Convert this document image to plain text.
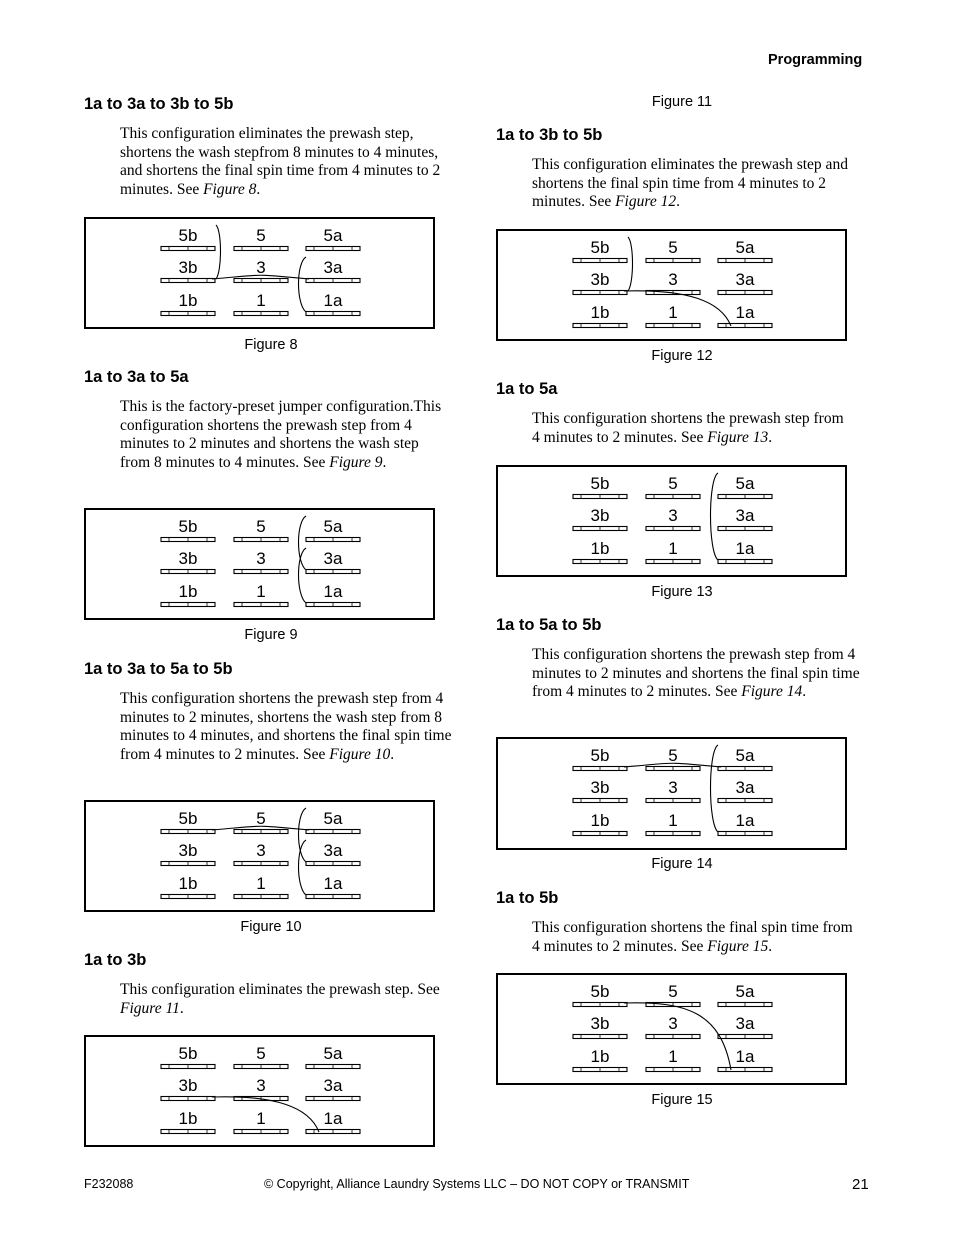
Programming
1a to 3a to 3b to 5b

This configuration eliminates the prewash step, shortens the wash stepfrom 8 minutes to 4 minutes, and shortens the final spin time from 4 minutes to 2 minutes. See Figure 8.

1a to 3a to 5a

This is the factory-preset jumper configuration.This configuration shortens the prewash step from 4 minutes to 2 minutes and shortens the wash step from 8 minutes to 4 minutes. See Figure 9.

1a to 3a to 5a to 5b

This configuration shortens the prewash step from 4 minutes to 2 minutes, shortens the wash step from 8 minutes to 4 minutes, and shortens the final spin time from 4 minutes to 2 minutes. See Figure 10.

1a to 3b

This configuration eliminates the prewash step. See Figure 11.

1a to 3b to 5b

This configuration eliminates the prewash step and shortens the final spin time from 4 minutes to 2 minutes. See Figure 12.

1a to 5a

This configuration shortens the prewash step from 4 minutes to 2 minutes. See Figure 13.

1a to 5a to 5b

This configuration shortens the prewash step from 4 minutes to 2 minutes and shortens the final spin time from 4 minutes to 2 minutes. See Figure 14.

1a to 5b

This configuration shortens the final spin time from 4 minutes to 2 minutes. See Figure 15.

5b	5	5a
3b	3	3a
1b	1	1a
Figure 8
5b	5	5a
3b	3	3a
1b	1	1a
Figure 9
5b	5	5a
3b	3	3a
1b	1	1a
Figure 10
5b	5	5a
3b	3	3a
1b	1	1a
Figure 11
5b	5	5a
3b	3	3a
1b	1	1a
Figure 12
5b	5	5a
3b	3	3a
1b	1	1a
Figure 13
5b	5	5a
3b	3	3a
1b	1	1a
Figure 14
5b	5	5a
3b	3	3a
1b	1	1a
Figure 15
F232088	© Copyright, Alliance Laundry Systems LLC – DO NOT COPY or TRANSMIT	21
